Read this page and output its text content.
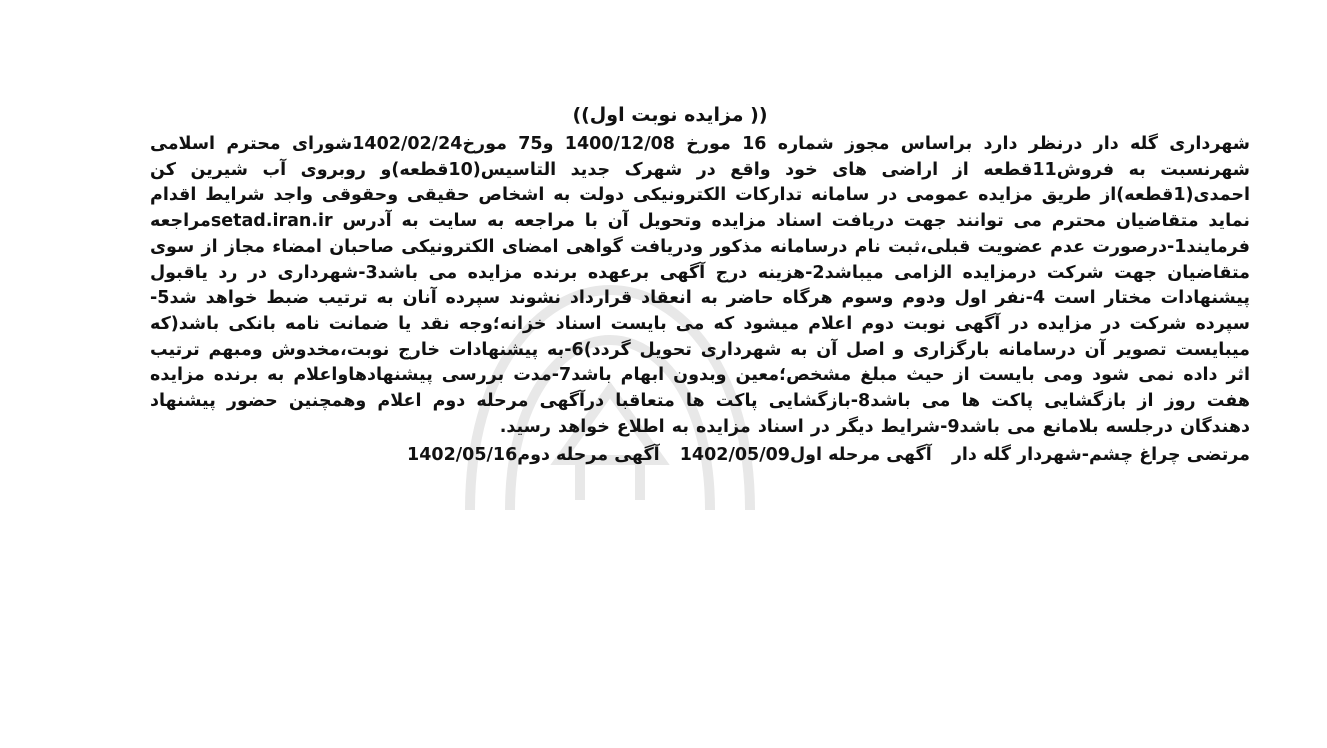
(( مزایده نوبت اول))

شهرداری گله دار درنظر دارد براساس مجوز شماره 16 مورخ 1400/12/08 و75 مورخ1402/02/24شورای محترم اسلامی شهرنسبت به فروش11قطعه از اراضی های خود واقع در شهرک جدید التاسیس(10قطعه)و روبروی آب شیرین کن احمدی(1قطعه)از طریق مزایده عمومی در سامانه تدارکات الکترونیکی دولت به اشخاص حقیقی وحقوقی واجد شرایط اقدام نماید متقاضیان محترم می توانند جهت دریافت اسناد مزایده وتحویل آن با مراجعه به سایت به آدرس setad.iran.irمراجعه فرمایند1-درصورت عدم عضویت قبلی،ثبت نام درسامانه مذکور ودریافت گواهی امضای الکترونیکی صاحبان امضاء مجاز از سوی متقاضیان جهت شرکت درمزایده الزامی میباشد2-هزینه درج آگهی برعهده برنده مزایده می باشد3-شهرداری در رد یاقبول پیشنهادات مختار است 4-نفر اول ودوم وسوم هرگاه حاضر به انعقاد قرارداد نشوند سپرده آنان به ترتیب ضبط خواهد شد5-سپرده شرکت در مزایده در آگهی نوبت دوم اعلام میشود که می بایست اسناد خزانه؛وجه نقد یا ضمانت نامه بانکی باشد(که میبایست تصویر آن درسامانه بارگزاری و اصل آن به شهرداری تحویل گردد)6-به پیشنهادات خارج نوبت،مخدوش ومبهم ترتیب اثر داده نمی شود ومی بایست از حیث مبلغ مشخص؛معین وبدون ابهام باشد7-مدت بررسی پیشنهادهاواعلام به برنده مزایده هفت روز از بازگشایی پاکت ها می باشد8-بازگشایی پاکت ها متعاقبا درآگهی مرحله دوم اعلام وهمچنین حضور پیشنهاد دهندگان درجلسه بلامانع می باشد9-شرایط دیگر در اسناد مزایده به اطلاع خواهد رسید.

مرتضی چراغ چشم-شهردار گله دار آگهی مرحله اول1402/05/09 آگهی مرحله دوم1402/05/16
